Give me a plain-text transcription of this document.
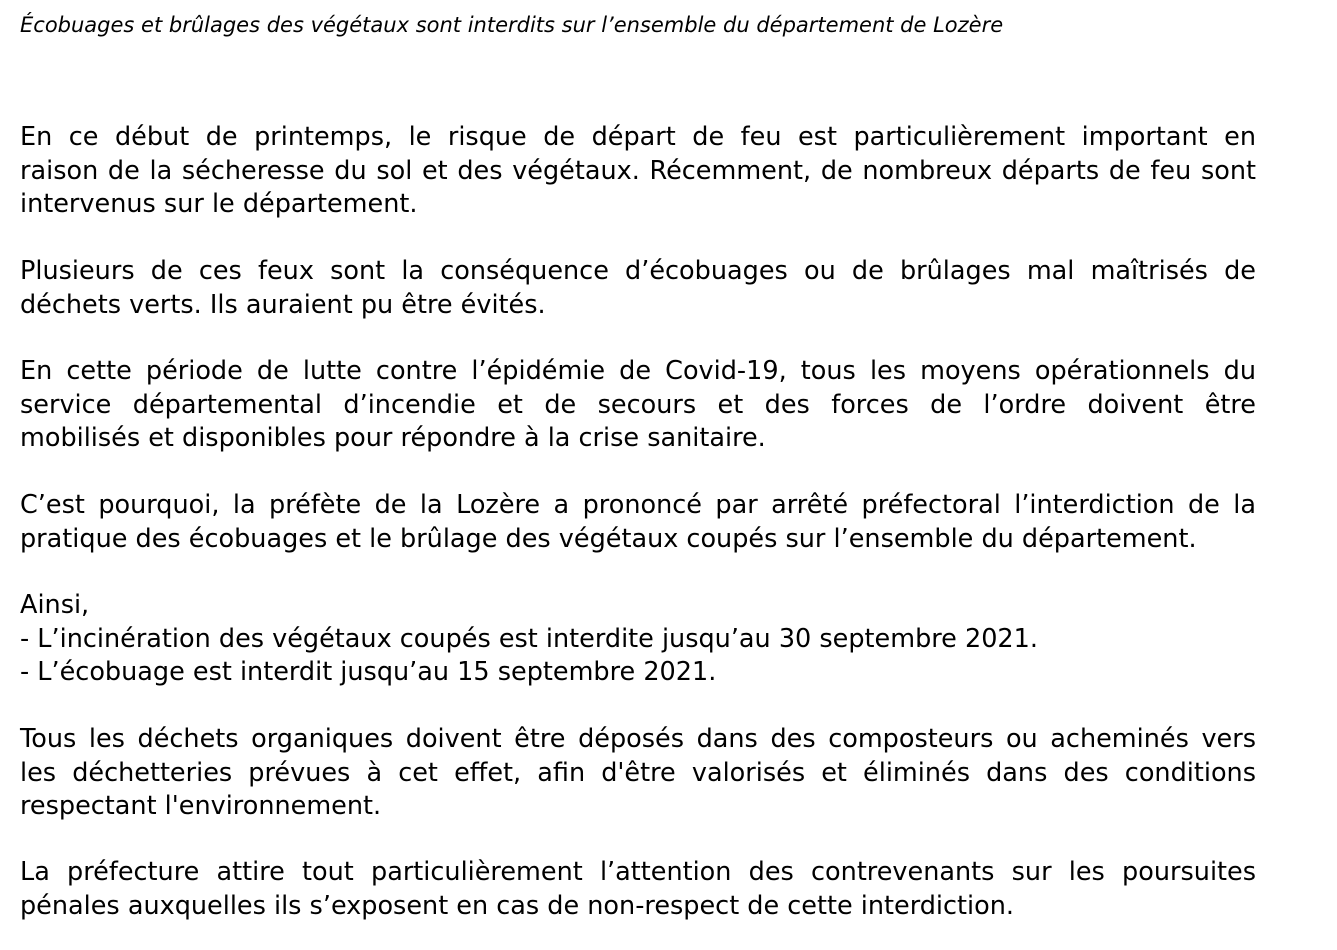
Écobuages et brûlages des végétaux sont interdits sur l’ensemble du département de Lozère
En ce début de printemps, le risque de départ de feu est particulièrement important en
raison de la sécheresse du sol et des végétaux. Récemment, de nombreux départs de feu sont
intervenus sur le département.
Plusieurs de ces feux sont la conséquence d’écobuages ou de brûlages mal maîtrisés de
déchets verts. Ils auraient pu être évités.
En cette période de lutte contre l’épidémie de Covid-19, tous les moyens opérationnels du
service départemental d’incendie et de secours et des forces de l’ordre doivent être
mobilisés et disponibles pour répondre à la crise sanitaire.
C’est pourquoi, la préfète de la Lozère a prononcé par arrêté préfectoral l’interdiction de la
pratique des écobuages et le brûlage des végétaux coupés sur l’ensemble du département.
Ainsi,
- L’incinération des végétaux coupés est interdite jusqu’au 30 septembre 2021.
- L’écobuage est interdit jusqu’au 15 septembre 2021.
Tous les déchets organiques doivent être déposés dans des composteurs ou acheminés vers
les déchetteries prévues à cet effet, afin d'être valorisés et éliminés dans des conditions
respectant l'environnement.
La préfecture attire tout particulièrement l’attention des contrevenants sur les poursuites
pénales auxquelles ils s’exposent en cas de non-respect de cette interdiction.
